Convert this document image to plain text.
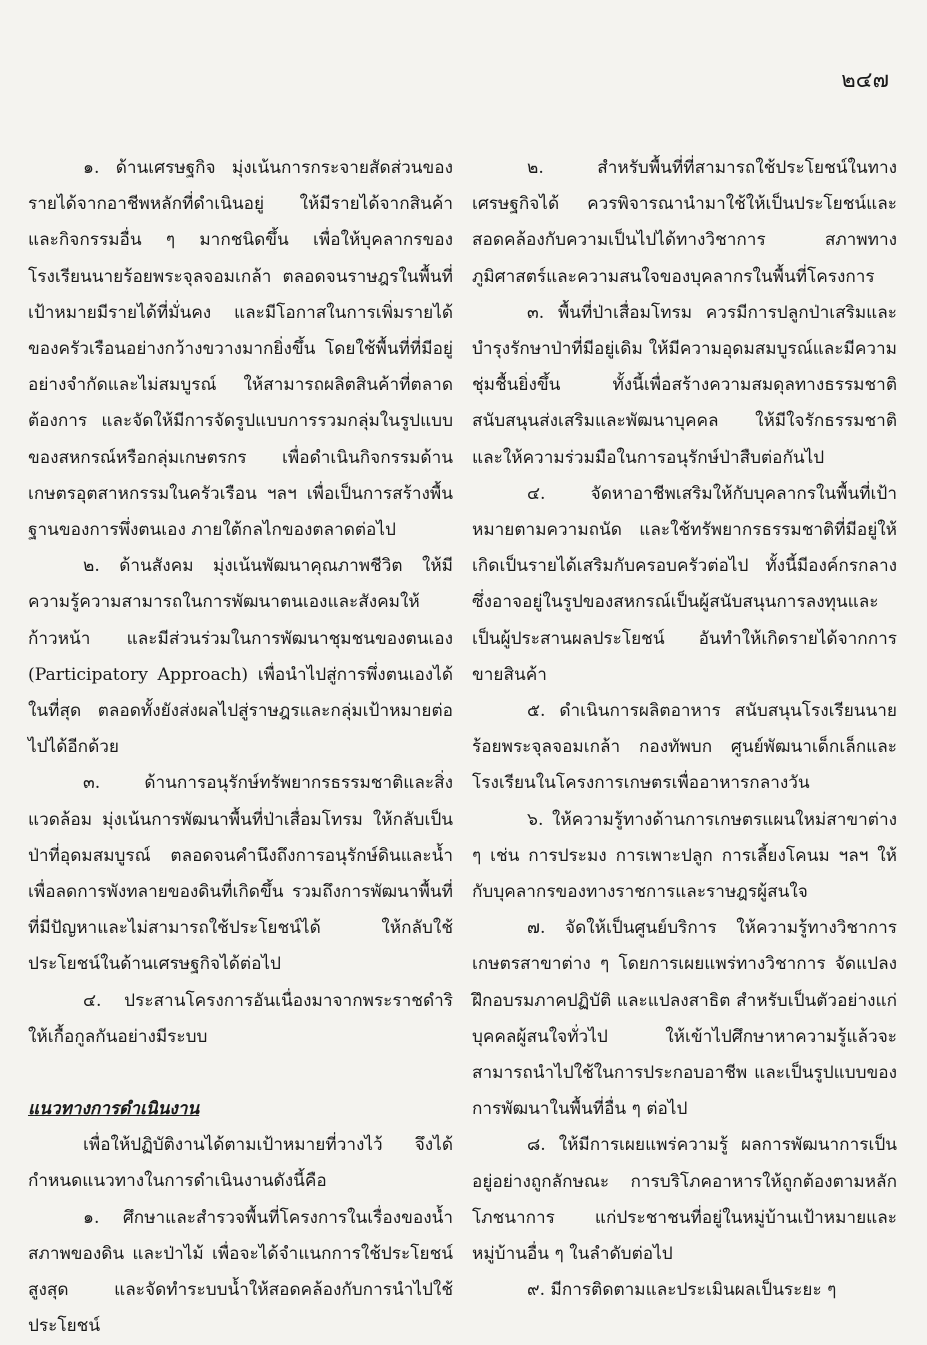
๒๔๗

๑. ด้านเศรษฐกิจ มุ่งเน้นการกระจายสัดส่วนของรายได้จากอาชีพหลักที่ดำเนินอยู่ ให้มีรายได้จากสินค้าและกิจกรรมอื่น ๆ มากชนิดขึ้น เพื่อให้บุคลากรของโรงเรียนนายร้อยพระจุลจอมเกล้า ตลอดจนราษฎรในพื้นที่เป้าหมายมีรายได้ที่มั่นคง และมีโอกาสในการเพิ่มรายได้ของครัวเรือนอย่างกว้างขวางมากยิ่งขึ้น โดยใช้พื้นที่ที่มีอยู่อย่างจำกัดและไม่สมบูรณ์ ให้สามารถผลิตสินค้าที่ตลาดต้องการ และจัดให้มีการจัดรูปแบบการรวมกลุ่มในรูปแบบของสหกรณ์หรือกลุ่มเกษตรกร เพื่อดำเนินกิจกรรมด้านเกษตรอุตสาหกรรมในครัวเรือน ฯลฯ เพื่อเป็นการสร้างพื้นฐานของการพึ่งตนเอง ภายใต้กลไกของตลาดต่อไป

๒. ด้านสังคม มุ่งเน้นพัฒนาคุณภาพชีวิต ให้มีความรู้ความสามารถในการพัฒนาตนเองและสังคมให้ก้าวหน้า และมีส่วนร่วมในการพัฒนาชุมชนของตนเอง (Participatory Approach) เพื่อนำไปสู่การพึ่งตนเองได้ในที่สุด ตลอดทั้งยังส่งผลไปสู่ราษฎรและกลุ่มเป้าหมายต่อไปได้อีกด้วย

๓. ด้านการอนุรักษ์ทรัพยากรธรรมชาติและสิ่งแวดล้อม มุ่งเน้นการพัฒนาพื้นที่ป่าเสื่อมโทรม ให้กลับเป็นป่าที่อุดมสมบูรณ์ ตลอดจนคำนึงถึงการอนุรักษ์ดินและน้ำ เพื่อลดการพังทลายของดินที่เกิดขึ้น รวมถึงการพัฒนาพื้นที่ที่มีปัญหาและไม่สามารถใช้ประโยชน์ได้ ให้กลับใช้ประโยชน์ในด้านเศรษฐกิจได้ต่อไป

๔. ประสานโครงการอันเนื่องมาจากพระราชดำริให้เกื้อกูลกันอย่างมีระบบ

แนวทางการดำเนินงาน

เพื่อให้ปฏิบัติงานได้ตามเป้าหมายที่วางไว้ จึงได้กำหนดแนวทางในการดำเนินงานดังนี้คือ

๑. ศึกษาและสำรวจพื้นที่โครงการในเรื่องของน้ำ สภาพของดิน และป่าไม้ เพื่อจะได้จำแนกการใช้ประโยชน์สูงสุด และจัดทำระบบน้ำให้สอดคล้องกับการนำไปใช้ประโยชน์

๒. สำหรับพื้นที่ที่สามารถใช้ประโยชน์ในทางเศรษฐกิจได้ ควรพิจารณานำมาใช้ให้เป็นประโยชน์และสอดคล้องกับความเป็นไปได้ทางวิชาการ สภาพทางภูมิศาสตร์และความสนใจของบุคลากรในพื้นที่โครงการ

๓. พื้นที่ป่าเสื่อมโทรม ควรมีการปลูกป่าเสริมและบำรุงรักษาป่าที่มีอยู่เดิม ให้มีความอุดมสมบูรณ์และมีความชุ่มชื้นยิ่งขึ้น ทั้งนี้เพื่อสร้างความสมดุลทางธรรมชาติ สนับสนุนส่งเสริมและพัฒนาบุคคล ให้มีใจรักธรรมชาติ และให้ความร่วมมือในการอนุรักษ์ป่าสืบต่อกันไป

๔. จัดหาอาชีพเสริมให้กับบุคลากรในพื้นที่เป้าหมายตามความถนัด และใช้ทรัพยากรธรรมชาติที่มีอยู่ให้เกิดเป็นรายได้เสริมกับครอบครัวต่อไป ทั้งนี้มีองค์กรกลางซึ่งอาจอยู่ในรูปของสหกรณ์เป็นผู้สนับสนุนการลงทุนและเป็นผู้ประสานผลประโยชน์ อันทำให้เกิดรายได้จากการขายสินค้า

๕. ดำเนินการผลิตอาหาร สนับสนุนโรงเรียนนายร้อยพระจุลจอมเกล้า กองทัพบก ศูนย์พัฒนาเด็กเล็กและโรงเรียนในโครงการเกษตรเพื่ออาหารกลางวัน

๖. ให้ความรู้ทางด้านการเกษตรแผนใหม่สาขาต่าง ๆ เช่น การประมง การเพาะปลูก การเลี้ยงโคนม ฯลฯ ให้กับบุคลากรของทางราชการและราษฎรผู้สนใจ

๗. จัดให้เป็นศูนย์บริการ ให้ความรู้ทางวิชาการเกษตรสาขาต่าง ๆ โดยการเผยแพร่ทางวิชาการ จัดแปลงฝึกอบรมภาคปฏิบัติ และแปลงสาธิต สำหรับเป็นตัวอย่างแก่บุคคลผู้สนใจทั่วไป ให้เข้าไปศึกษาหาความรู้แล้วจะสามารถนำไปใช้ในการประกอบอาชีพ และเป็นรูปแบบของการพัฒนาในพื้นที่อื่น ๆ ต่อไป

๘. ให้มีการเผยแพร่ความรู้ ผลการพัฒนาการเป็นอยู่อย่างถูกลักษณะ การบริโภคอาหารให้ถูกต้องตามหลักโภชนาการ แก่ประชาชนที่อยู่ในหมู่บ้านเป้าหมายและหมู่บ้านอื่น ๆ ในลำดับต่อไป

๙. มีการติดตามและประเมินผลเป็นระยะ ๆ
